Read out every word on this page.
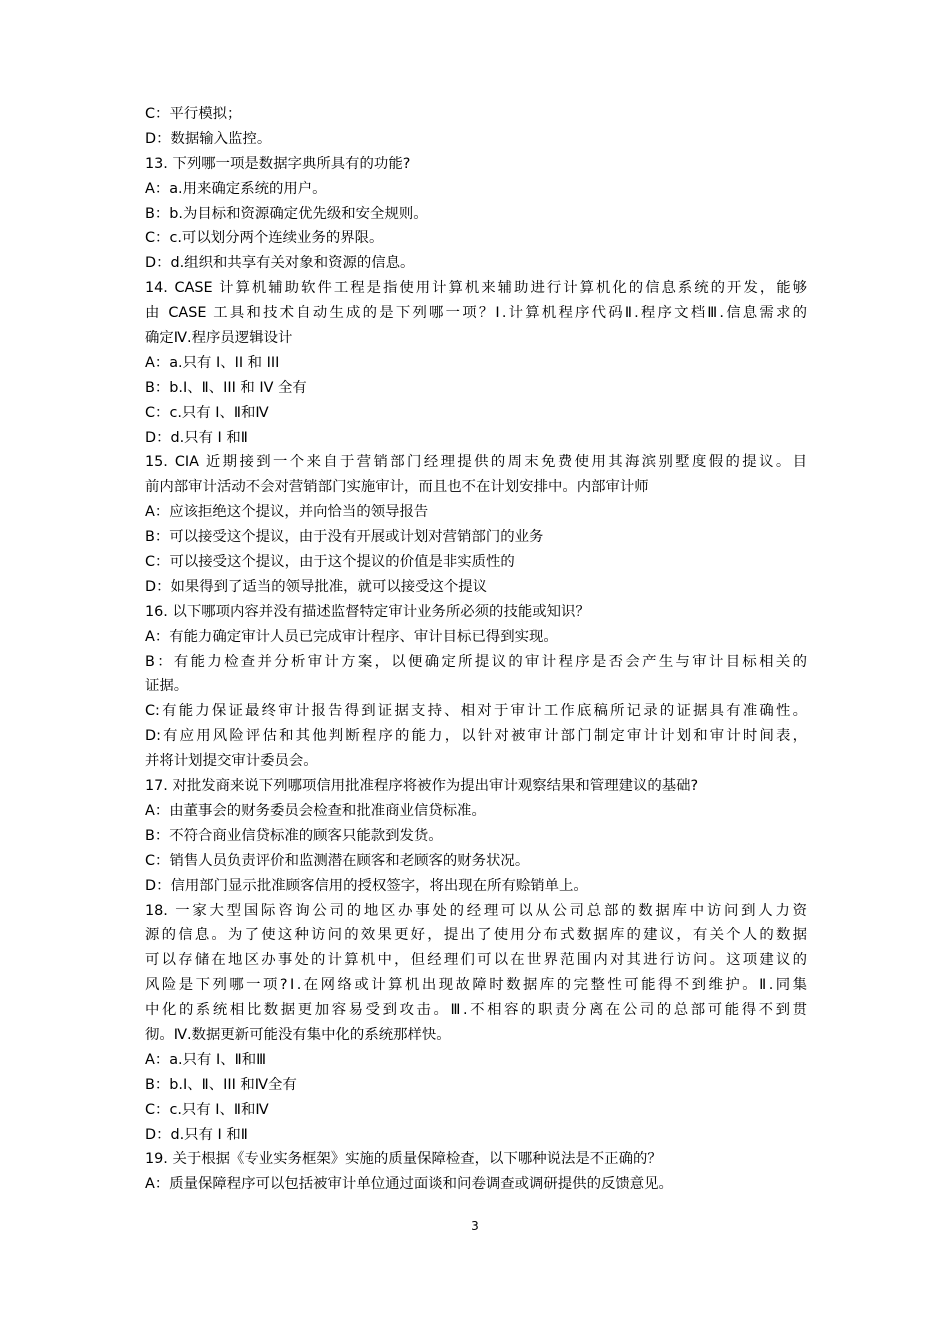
C：平行模拟；
D：数据输入监控。
13. 下列哪一项是数据字典所具有的功能?
A：a.用来确定系统的用户。
B：b.为目标和资源确定优先级和安全规则。
C：c.可以划分两个连续业务的界限。
D：d.组织和共享有关对象和资源的信息。
14. CASE 计算机辅助软件工程是指使用计算机来辅助进行计算机化的信息系统的开发，能够
由 CASE 工具和技术自动生成的是下列哪一项？Ⅰ.计算机程序代码Ⅱ.程序文档Ⅲ.信息需求的
确定Ⅳ.程序员逻辑设计
A：a.只有 I、II 和 III
B：b.I、Ⅱ、III 和 IV 全有
C：c.只有 I、Ⅱ和Ⅳ
D：d.只有 I 和Ⅱ
15. CIA 近期接到一个来自于营销部门经理提供的周末免费使用其海滨别墅度假的提议。目
前内部审计活动不会对营销部门实施审计，而且也不在计划安排中。内部审计师
A：应该拒绝这个提议，并向恰当的领导报告
B：可以接受这个提议，由于没有开展或计划对营销部门的业务
C：可以接受这个提议，由于这个提议的价值是非实质性的
D：如果得到了适当的领导批准，就可以接受这个提议
16. 以下哪项内容并没有描述监督特定审计业务所必须的技能或知识？
A：有能力确定审计人员已完成审计程序、审计目标已得到实现。
B：有能力检查并分析审计方案，以便确定所提议的审计程序是否会产生与审计目标相关的
证据。
C:有能力保证最终审计报告得到证据支持、相对于审计工作底稿所记录的证据具有准确性。
D:有应用风险评估和其他判断程序的能力，以针对被审计部门制定审计计划和审计时间表，
并将计划提交审计委员会。
17. 对批发商来说下列哪项信用批准程序将被作为提出审计观察结果和管理建议的基础?
A：由董事会的财务委员会检查和批准商业信贷标准。
B：不符合商业信贷标准的顾客只能款到发货。
C：销售人员负责评价和监测潜在顾客和老顾客的财务状况。
D：信用部门显示批准顾客信用的授权签字，将出现在所有赊销单上。
18. 一家大型国际咨询公司的地区办事处的经理可以从公司总部的数据库中访问到人力资
源的信息。为了使这种访问的效果更好，提出了使用分布式数据库的建议，有关个人的数据
可以存储在地区办事处的计算机中，但经理们可以在世界范围内对其进行访问。这项建议的
风险是下列哪一项?Ⅰ.在网络或计算机出现故障时数据库的完整性可能得不到维护。Ⅱ.同集
中化的系统相比数据更加容易受到攻击。Ⅲ.不相容的职责分离在公司的总部可能得不到贯
彻。Ⅳ.数据更新可能没有集中化的系统那样快。
A：a.只有 I、Ⅱ和Ⅲ
B：b.I、Ⅱ、III 和Ⅳ全有
C：c.只有 I、Ⅱ和Ⅳ
D：d.只有 I 和Ⅱ
19. 关于根据《专业实务框架》实施的质量保障检查，以下哪种说法是不正确的？
A：质量保障程序可以包括被审计单位通过面谈和问卷调查或调研提供的反馈意见。
3
